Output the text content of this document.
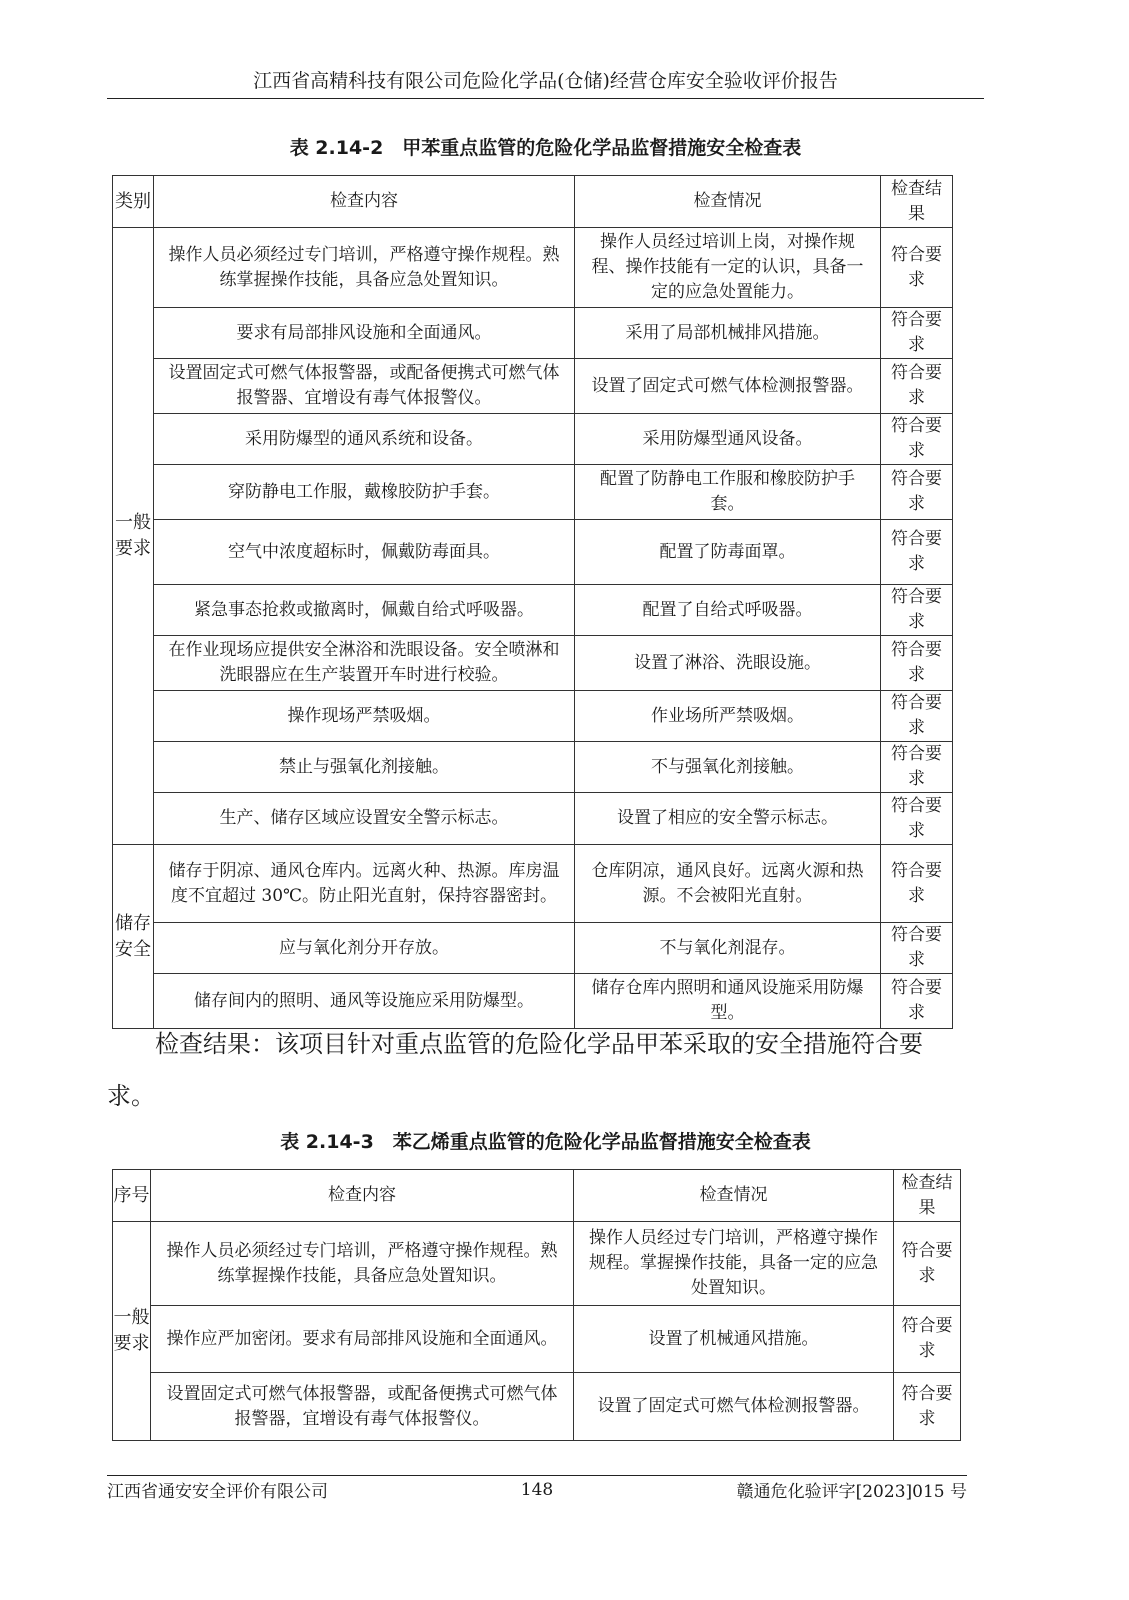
江西省高精科技有限公司危险化学品(仓储)经营仓库安全验收评价报告
表 2.14-2　甲苯重点监管的危险化学品监督措施安全检查表
类别	检查内容	检查情况	检查结果
一般要求	操作人员必须经过专门培训，严格遵守操作规程。熟练掌握操作技能，具备应急处置知识。	操作人员经过培训上岗，对操作规程、操作技能有一定的认识，具备一定的应急处置能力。	符合要求
	要求有局部排风设施和全面通风。	采用了局部机械排风措施。	符合要求
	设置固定式可燃气体报警器，或配备便携式可燃气体报警器、宜增设有毒气体报警仪。	设置了固定式可燃气体检测报警器。	符合要求
	采用防爆型的通风系统和设备。	采用防爆型通风设备。	符合要求
	穿防静电工作服，戴橡胶防护手套。	配置了防静电工作服和橡胶防护手套。	符合要求
	空气中浓度超标时，佩戴防毒面具。	配置了防毒面罩。	符合要求
	紧急事态抢救或撤离时，佩戴自给式呼吸器。	配置了自给式呼吸器。	符合要求
	在作业现场应提供安全淋浴和洗眼设备。安全喷淋和洗眼器应在生产装置开车时进行校验。	设置了淋浴、洗眼设施。	符合要求
	操作现场严禁吸烟。	作业场所严禁吸烟。	符合要求
	禁止与强氧化剂接触。	不与强氧化剂接触。	符合要求
	生产、储存区域应设置安全警示标志。	设置了相应的安全警示标志。	符合要求
储存安全	储存于阴凉、通风仓库内。远离火种、热源。库房温度不宜超过 30℃。防止阳光直射，保持容器密封。	仓库阴凉，通风良好。远离火源和热源。不会被阳光直射。	符合要求
	应与氧化剂分开存放。	不与氧化剂混存。	符合要求
	储存间内的照明、通风等设施应采用防爆型。	储存仓库内照明和通风设施采用防爆型。	符合要求

检查结果：该项目针对重点监管的危险化学品甲苯采取的安全措施符合要求。

表 2.14-3　苯乙烯重点监管的危险化学品监督措施安全检查表
序号	检查内容	检查情况	检查结果
一般要求	操作人员必须经过专门培训，严格遵守操作规程。熟练掌握操作技能，具备应急处置知识。	操作人员经过专门培训，严格遵守操作规程。掌握操作技能，具备一定的应急处置知识。	符合要求
	操作应严加密闭。要求有局部排风设施和全面通风。	设置了机械通风措施。	符合要求
	设置固定式可燃气体报警器，或配备便携式可燃气体报警器，宜增设有毒气体报警仪。	设置了固定式可燃气体检测报警器。	符合要求
江西省通安安全评价有限公司	148	赣通危化验评字[2023]015 号
